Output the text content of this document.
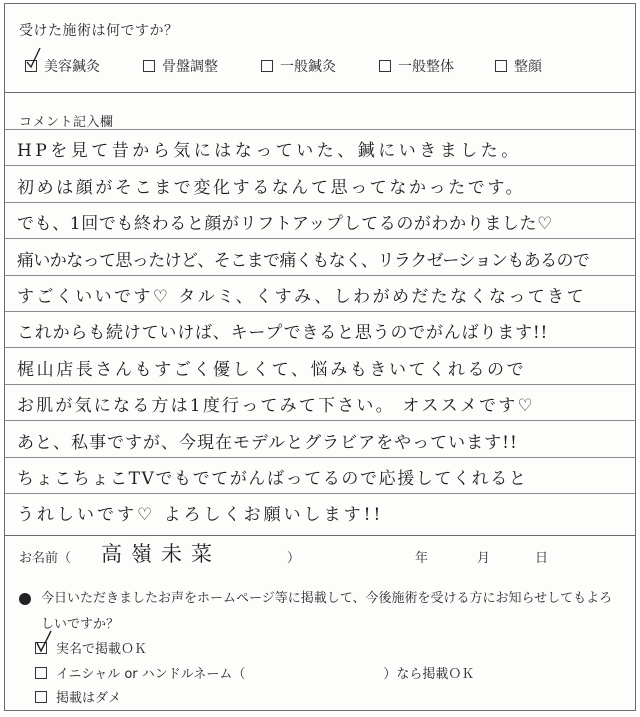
受けた施術は何ですか？
美容鍼灸	骨盤調整	一般鍼灸	一般整体	整顔
コメント記入欄
HPを見て昔から気にはなっていた、鍼にいきました。
初めは顔がそこまで変化するなんて思ってなかったです。
でも、1回でも終わると顔がリフトアップしてるのがわかりました♡
痛いかなって思ったけど、そこまで痛くもなく、リラクゼーションもあるので
すごくいいです♡ タルミ、くすみ、しわがめだたなくなってきて
これからも続けていけば、キープできると思うのでがんばります!!
梶山店長さんもすごく優しくて、悩みもきいてくれるので
お肌が気になる方は1度行ってみて下さい。 オススメです♡
あと、私事ですが、今現在モデルとグラビアをやっています!!
ちょこちょこTVでもでてがんばってるので応援してくれると
うれしいです♡ よろしくお願いします!!
お名前（ 高嶺未菜	）	年	月	日
今日いただきましたお声をホームページ等に掲載して、今後施術を受ける方にお知らせしてもよろしいですか？
実名で掲載ＯＫ
イニシャル or ハンドルネーム（	）なら掲載ＯＫ
掲載はダメ
